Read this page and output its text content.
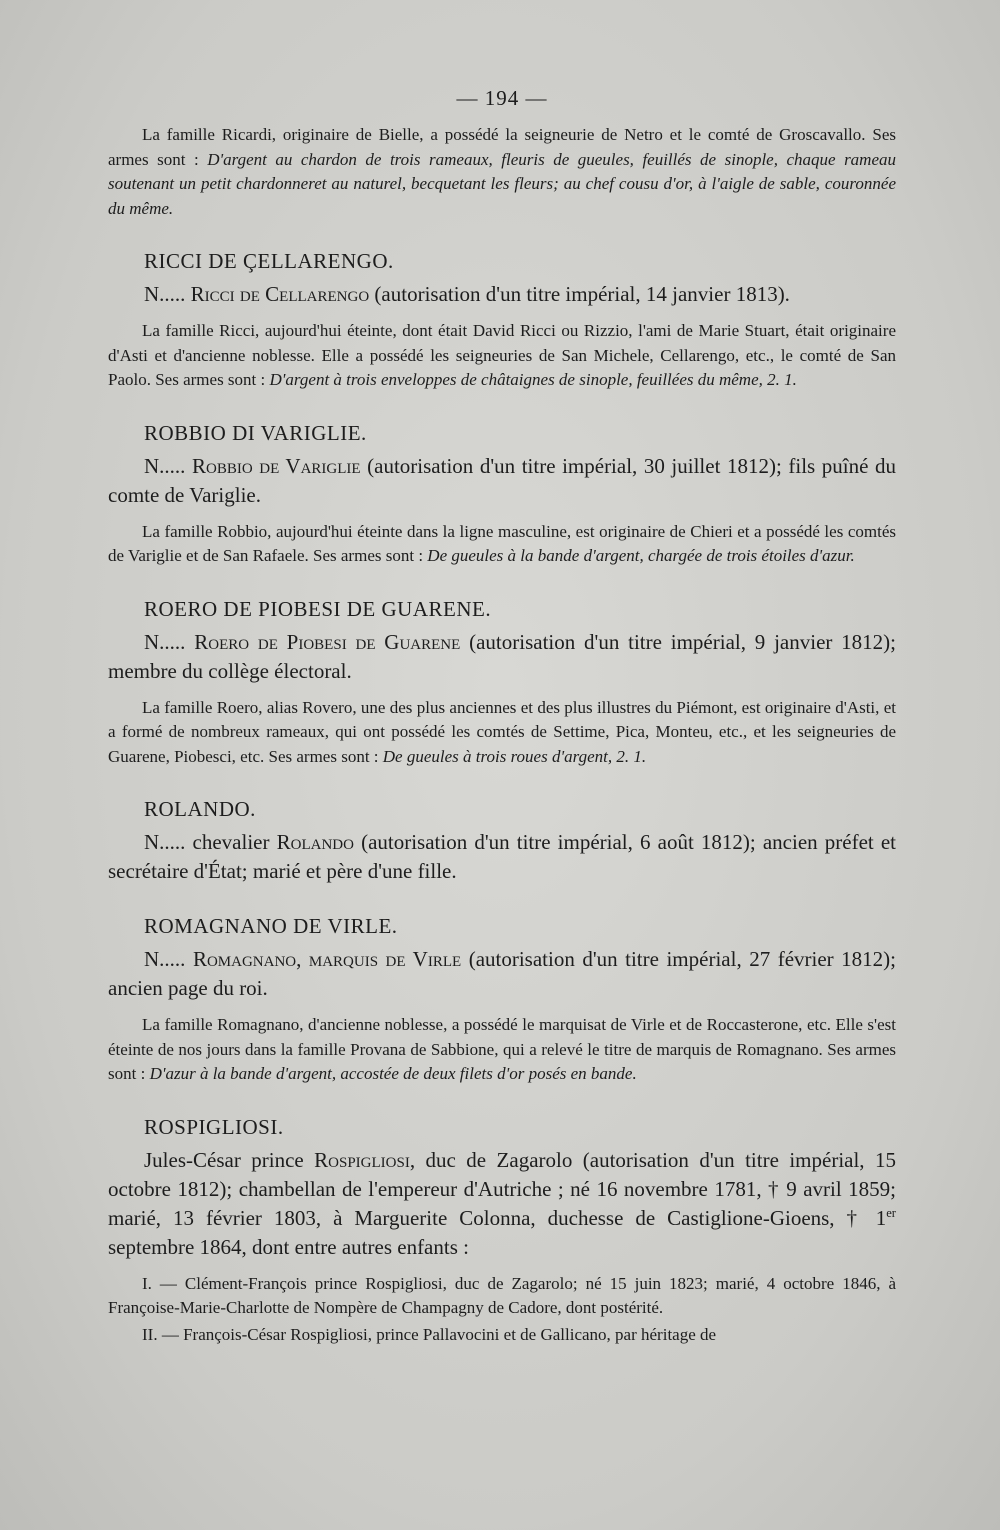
— 194 —

La famille Ricardi, originaire de Bielle, a possédé la seigneurie de Netro et le comté de Groscavallo. Ses armes sont : D'argent au chardon de trois rameaux, fleuris de gueules, feuillés de sinople, chaque rameau soutenant un petit chardonneret au naturel, becquetant les fleurs; au chef cousu d'or, à l'aigle de sable, couronnée du même.

RICCI DE ÇELLARENGO.

N..... Ricci de Cellarengo (autorisation d'un titre impérial, 14 janvier 1813).

La famille Ricci, aujourd'hui éteinte, dont était David Ricci ou Rizzio, l'ami de Marie Stuart, était originaire d'Asti et d'ancienne noblesse. Elle a possédé les seigneuries de San Michele, Cellarengo, etc., le comté de San Paolo. Ses armes sont : D'argent à trois enveloppes de châtaignes de sinople, feuillées du même, 2. 1.

ROBBIO DI VARIGLIE.

N..... Robbio de Variglie (autorisation d'un titre impérial, 30 juillet 1812); fils puîné du comte de Variglie.

La famille Robbio, aujourd'hui éteinte dans la ligne masculine, est originaire de Chieri et a possédé les comtés de Variglie et de San Rafaele. Ses armes sont : De gueules à la bande d'argent, chargée de trois étoiles d'azur.

ROERO DE PIOBESI DE GUARENE.

N..... Roero de Piobesi de Guarene (autorisation d'un titre impérial, 9 janvier 1812); membre du collège électoral.

La famille Roero, alias Rovero, une des plus anciennes et des plus illustres du Piémont, est originaire d'Asti, et a formé de nombreux rameaux, qui ont possédé les comtés de Settime, Pica, Monteu, etc., et les seigneuries de Guarene, Piobesci, etc. Ses armes sont : De gueules à trois roues d'argent, 2. 1.

ROLANDO.

N..... chevalier Rolando (autorisation d'un titre impérial, 6 août 1812); ancien préfet et secrétaire d'État; marié et père d'une fille.

ROMAGNANO DE VIRLE.

N..... Romagnano, marquis de Virle (autorisation d'un titre impérial, 27 février 1812); ancien page du roi.

La famille Romagnano, d'ancienne noblesse, a possédé le marquisat de Virle et de Roccasterone, etc. Elle s'est éteinte de nos jours dans la famille Provana de Sabbione, qui a relevé le titre de marquis de Romagnano. Ses armes sont : D'azur à la bande d'argent, accostée de deux filets d'or posés en bande.

ROSPIGLIOSI.

Jules-César prince Rospigliosi, duc de Zagarolo (autorisation d'un titre impérial, 15 octobre 1812); chambellan de l'empereur d'Autriche ; né 16 novembre 1781, † 9 avril 1859; marié, 13 février 1803, à Marguerite Colonna, duchesse de Castiglione-Gioens, † 1er septembre 1864, dont entre autres enfants :

I. — Clément-François prince Rospigliosi, duc de Zagarolo; né 15 juin 1823; marié, 4 octobre 1846, à Françoise-Marie-Charlotte de Nompère de Champagny de Cadore, dont postérité.

II. — François-César Rospigliosi, prince Pallavocini et de Gallicano, par héritage de
